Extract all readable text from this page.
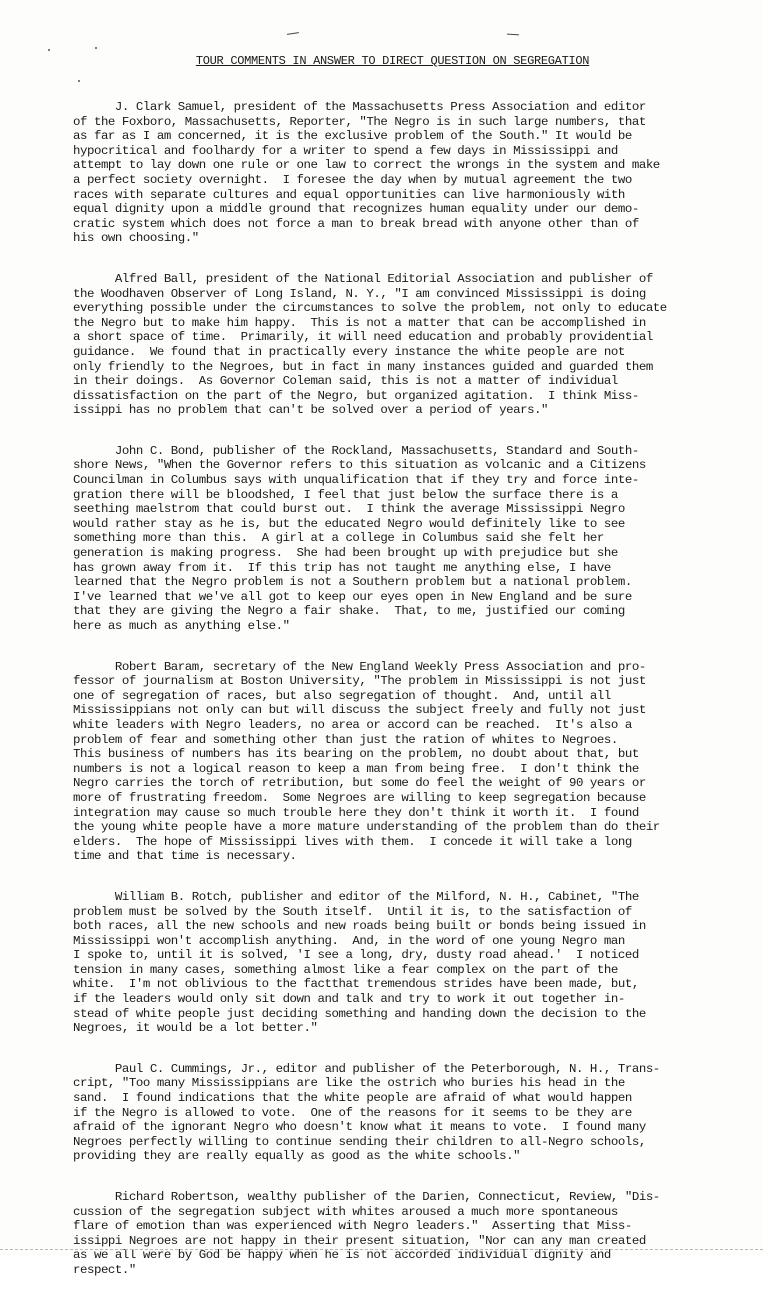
TOUR COMMENTS IN ANSWER TO DIRECT QUESTION ON SEGREGATION
J. Clark Samuel, president of the Massachusetts Press Association and editor
of the Foxboro, Massachusetts, Reporter, "The Negro is in such large numbers, that
as far as I am concerned, it is the exclusive problem of the South." It would be
hypocritical and foolhardy for a writer to spend a few days in Mississippi and
attempt to lay down one rule or one law to correct the wrongs in the system and make
a perfect society overnight.  I foresee the day when by mutual agreement the two
races with separate cultures and equal opportunities can live harmoniously with
equal dignity upon a middle ground that recognizes human equality under our demo-
cratic system which does not force a man to break bread with anyone other than of
his own choosing."
Alfred Ball, president of the National Editorial Association and publisher of
the Woodhaven Observer of Long Island, N. Y., "I am convinced Mississippi is doing
everything possible under the circumstances to solve the problem, not only to educate
the Negro but to make him happy.  This is not a matter that can be accomplished in
a short space of time.  Primarily, it will need education and probably providential
guidance.  We found that in practically every instance the white people are not
only friendly to the Negroes, but in fact in many instances guided and guarded them
in their doings.  As Governor Coleman said, this is not a matter of individual
dissatisfaction on the part of the Negro, but organized agitation.  I think Miss-
issippi has no problem that can't be solved over a period of years."
John C. Bond, publisher of the Rockland, Massachusetts, Standard and South-
shore News, "When the Governor refers to this situation as volcanic and a Citizens
Councilman in Columbus says with unqualification that if they try and force inte-
gration there will be bloodshed, I feel that just below the surface there is a
seething maelstrom that could burst out.  I think the average Mississippi Negro
would rather stay as he is, but the educated Negro would definitely like to see
something more than this.  A girl at a college in Columbus said she felt her
generation is making progress.  She had been brought up with prejudice but she
has grown away from it.  If this trip has not taught me anything else, I have
learned that the Negro problem is not a Southern problem but a national problem.
I've learned that we've all got to keep our eyes open in New England and be sure
that they are giving the Negro a fair shake.  That, to me, justified our coming
here as much as anything else."
Robert Baram, secretary of the New England Weekly Press Association and pro-
fessor of journalism at Boston University, "The problem in Mississippi is not just
one of segregation of races, but also segregation of thought.  And, until all
Mississippians not only can but will discuss the subject freely and fully not just
white leaders with Negro leaders, no area or accord can be reached.  It's also a
problem of fear and something other than just the ration of whites to Negroes.
This business of numbers has its bearing on the problem, no doubt about that, but
numbers is not a logical reason to keep a man from being free.  I don't think the
Negro carries the torch of retribution, but some do feel the weight of 90 years or
more of frustrating freedom.  Some Negroes are willing to keep segregation because
integration may cause so much trouble here they don't think it worth it.  I found
the young white people have a more mature understanding of the problem than do their
elders.  The hope of Mississippi lives with them.  I concede it will take a long
time and that time is necessary.
William B. Rotch, publisher and editor of the Milford, N. H., Cabinet, "The
problem must be solved by the South itself.  Until it is, to the satisfaction of
both races, all the new schools and new roads being built or bonds being issued in
Mississippi won't accomplish anything.  And, in the word of one young Negro man
I spoke to, until it is solved, 'I see a long, dry, dusty road ahead.'  I noticed
tension in many cases, something almost like a fear complex on the part of the
white.  I'm not oblivious to the factthat tremendous strides have been made, but,
if the leaders would only sit down and talk and try to work it out together in-
stead of white people just deciding something and handing down the decision to the
Negroes, it would be a lot better."
Paul C. Cummings, Jr., editor and publisher of the Peterborough, N. H., Trans-
cript, "Too many Mississippians are like the ostrich who buries his head in the
sand.  I found indications that the white people are afraid of what would happen
if the Negro is allowed to vote.  One of the reasons for it seems to be they are
afraid of the ignorant Negro who doesn't know what it means to vote.  I found many
Negroes perfectly willing to continue sending their children to all-Negro schools,
providing they are really equally as good as the white schools."
Richard Robertson, wealthy publisher of the Darien, Connecticut, Review, "Dis-
cussion of the segregation subject with whites aroused a much more spontaneous
flare of emotion than was experienced with Negro leaders."  Asserting that Miss-
issippi Negroes are not happy in their present situation, "Nor can any man created
as we all were by God be happy when he is not accorded individual dignity and
respect."
